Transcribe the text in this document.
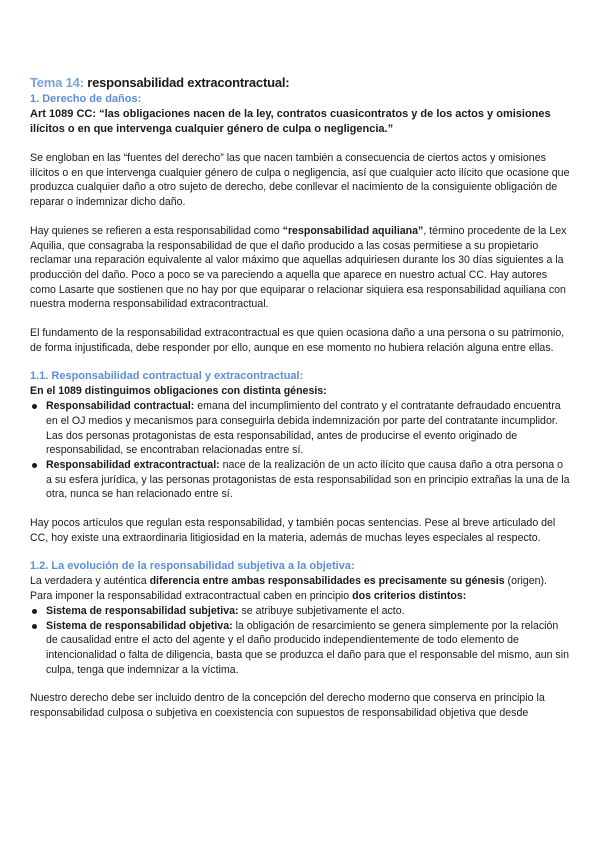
Tema 14: responsabilidad extracontractual:
1. Derecho de daños:

Art 1089 CC: “las obligaciones nacen de la ley, contratos cuasicontratos y de los actos y omisiones ilícitos o en que intervenga cualquier género de culpa o negligencia.”

Se engloban en las “fuentes del derecho” las que nacen también a consecuencia de ciertos actos y omisiones ilícitos o en que intervenga cualquier género de culpa o negligencia, así que cualquier acto ilícito que ocasione que produzca cualquier daño a otro sujeto de derecho, debe conllevar el nacimiento de la consiguiente obligación de reparar o indemnizar dicho daño.

Hay quienes se refieren a esta responsabilidad como “responsabilidad aquiliana”, término procedente de la Lex Aquilia, que consagraba la responsabilidad de que el daño producido a las cosas permitiese a su propietario reclamar una reparación equivalente al valor máximo que aquellas adquiriesen durante los 30 días siguientes a la producción del daño. Poco a poco se va pareciendo a aquella que aparece en nuestro actual CC. Hay autores como Lasarte que sostienen que no hay por que equiparar o relacionar siquiera esa responsabilidad aquiliana con nuestra moderna responsabilidad extracontractual.

El fundamento de la responsabilidad extracontractual es que quien ocasiona daño a una persona o su patrimonio, de forma injustificada, debe responder por ello, aunque en ese momento no hubiera relación alguna entre ellas.

1.1. Responsabilidad contractual y extracontractual:

En el 1089 distinguimos obligaciones con distinta génesis:

Responsabilidad contractual: emana del incumplimiento del contrato y el contratante defraudado encuentra en el OJ medios y mecanismos para conseguirla debida indemnización por parte del contratante incumplidor. Las dos personas protagonistas de esta responsabilidad, antes de producirse el evento originado de responsabilidad, se encontraban relacionadas entre sí.
Responsabilidad extracontractual: nace de la realización de un acto ilícito que causa daño a otra persona o a su esfera jurídica, y las personas protagonistas de esta responsabilidad son en principio extrañas la una de la otra, nunca se han relacionado entre sí.

Hay pocos artículos que regulan esta responsabilidad, y también pocas sentencias. Pese al breve articulado del CC, hoy existe una extraordinaria litigiosidad en la materia, además de muchas leyes especiales al respecto.

1.2. La evolución de la responsabilidad subjetiva a la objetiva:

La verdadera y auténtica diferencia entre ambas responsabilidades es precisamente su génesis (origen).

Para imponer la responsabilidad extracontractual caben en principio dos criterios distintos:

Sistema de responsabilidad subjetiva: se atribuye subjetivamente el acto.
Sistema de responsabilidad objetiva: la obligación de resarcimiento se genera simplemente por la relación de causalidad entre el acto del agente y el daño producido independientemente de todo elemento de intencionalidad o falta de diligencia, basta que se produzca el daño para que el responsable del mismo, aun sin culpa, tenga que indemnizar a la víctima.

Nuestro derecho debe ser incluido dentro de la concepción del derecho moderno que conserva en principio la responsabilidad culposa o subjetiva en coexistencia con supuestos de responsabilidad objetiva que desde
